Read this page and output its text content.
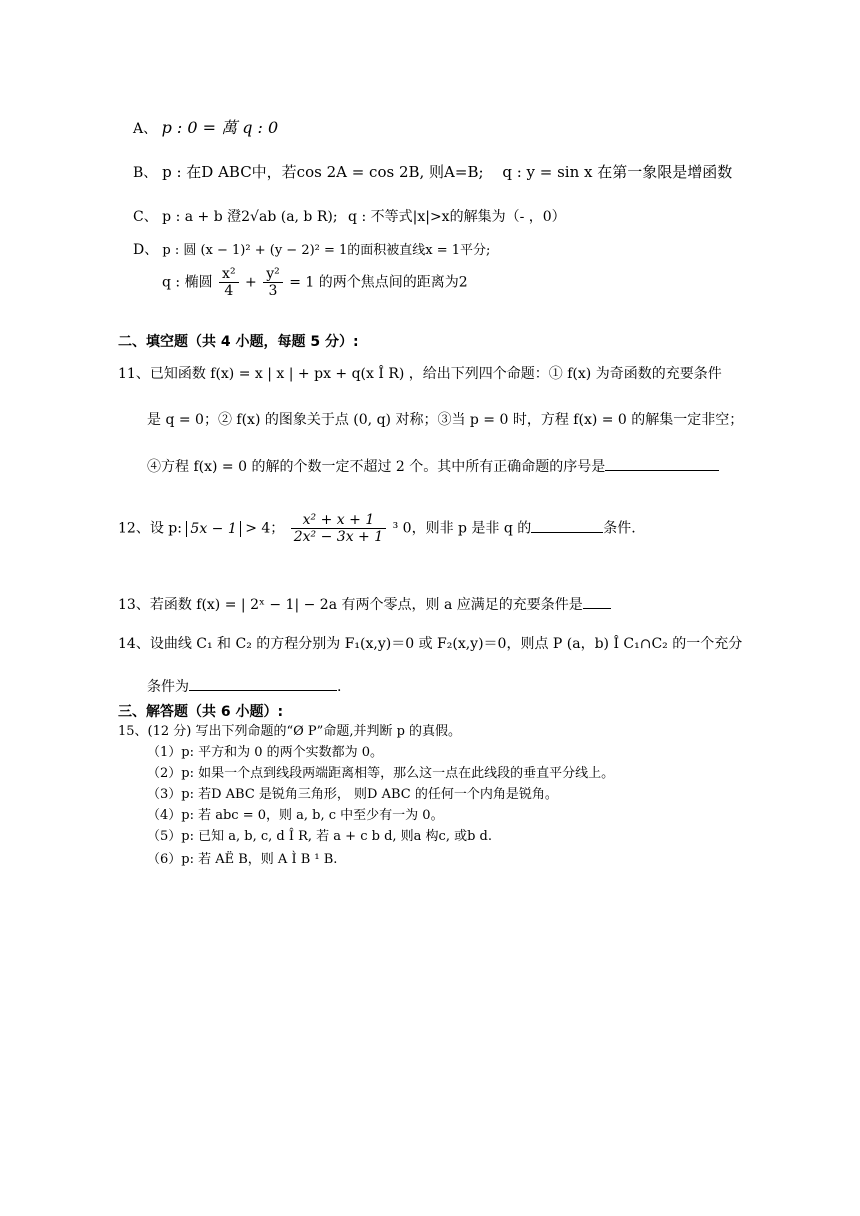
A、 p : 0 = 萬 q : 0
B、 p : 在D ABC中，若cos 2A = cos 2B, 则A=B; q : y = sin x 在第一象限是增函数
C、 p : a + b 澄2√ab (a, b R); q : 不等式|x|>x的解集为（- ，0）
D、 p : 圆 (x − 1)² + (y − 2)² = 1的面积被直线x = 1平分;
q : 椭圆 $\frac{\text{x²}}{4} + \frac{\text{y²}}{3} = 1$ 的两个焦点间的距离为2
二、填空题（共 4 小题，每题 5 分）:
11、已知函数 f(x) = x | x | + px + q(x Î R) ，给出下列四个命题：① f(x) 为奇函数的充要条件
是 q = 0；② f(x) 的图象关于点 (0, q) 对称；③当 p = 0 时，方程 f(x) = 0 的解集一定非空；
④方程 f(x) = 0 的解的个数一定不超过 2 个。其中所有正确命题的序号是
12、设 p: 5x − 1 > 4； $\frac{\text{x² + x + 1}}{\text{2x² − 3x + 1}} ^3$ 0，则非 p 是非 q 的	条件.
13、若函数 f(x) = | 2ˣ − 1| − 2a 有两个零点，则 a 应满足的充要条件是
14、设曲线 C₁ 和 C₂ 的方程分别为 F₁(x,y)＝0 或 F₂(x,y)＝0，则点 P (a，b) Î C₁∩C₂ 的一个充分
条件为	.
三、解答题（共 6 小题）:
15、(12 分) 写出下列命题的“Ø P”命题,并判断 p 的真假。
（1）p: 平方和为 0 的两个实数都为 0。
（2）p: 如果一个点到线段两端距离相等，那么这一点在此线段的垂直平分线上。
（3）p: 若D ABC 是锐角三角形， 则D ABC 的任何一个内角是锐角。
（4）p: 若 abc = 0，则 a, b, c 中至少有一为 0。
（5）p: 已知 a, b, c, d Î R, 若 a + c b d, 则a 构c, 或b d.
（6）p: 若 AË B，则 A Ì B ¹ B.
